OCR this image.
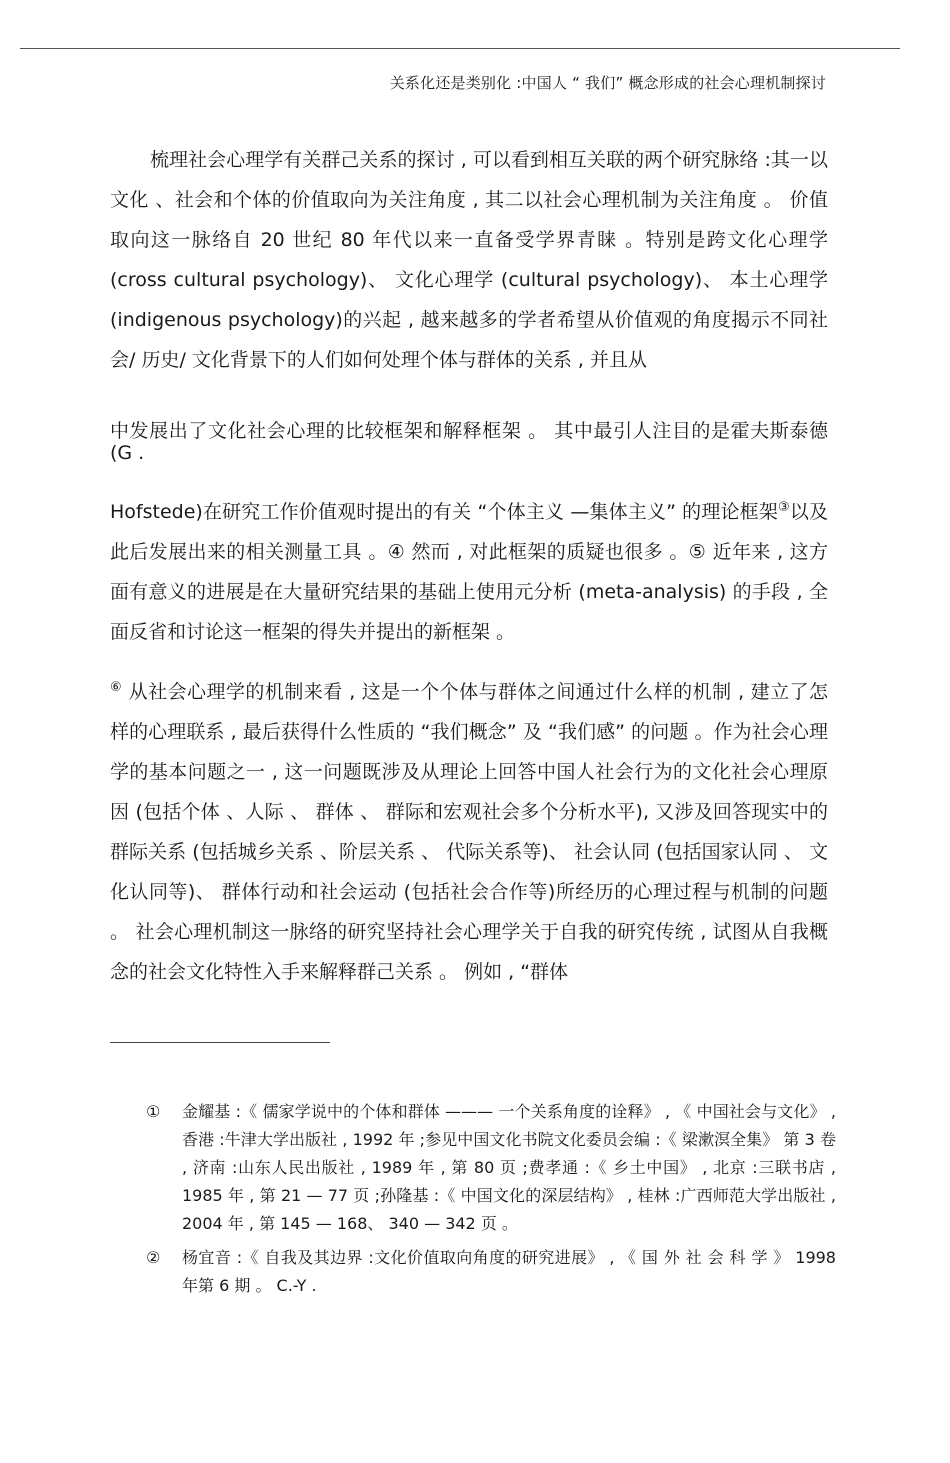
关系化还是类别化 :中国人 “ 我们” 概念形成的社会心理机制探讨

梳理社会心理学有关群己关系的探讨 , 可以看到相互关联的两个研究脉络 :其一以文化 、社会和个体的价值取向为关注角度 , 其二以社会心理机制为关注角度 。 价值取向这一脉络自 20 世纪 80 年代以来一直备受学界青睐 。特别是跨文化心理学 (cross cultural psychology)、 文化心理学 (cultural psychology)、 本土心理学 (indigenous psychology)的兴起 , 越来越多的学者希望从价值观的角度揭示不同社会/ 历史/ 文化背景下的人们如何处理个体与群体的关系 , 并且从

中发展出了文化社会心理的比较框架和解释框架 。 其中最引人注目的是霍夫斯泰德 (G .

Hofstede)在研究工作价值观时提出的有关 “个体主义 —集体主义” 的理论框架③以及此后发展出来的相关测量工具 。④ 然而 , 对此框架的质疑也很多 。⑤ 近年来 , 这方面有意义的进展是在大量研究结果的基础上使用元分析 (meta-analysis) 的手段 , 全面反省和讨论这一框架的得失并提出的新框架 。

⑥ 从社会心理学的机制来看 , 这是一个个体与群体之间通过什么样的机制 , 建立了怎样的心理联系 , 最后获得什么性质的 “我们概念” 及 “我们感” 的问题 。作为社会心理学的基本问题之一 , 这一问题既涉及从理论上回答中国人社会行为的文化社会心理原因 (包括个体 、人际 、 群体 、 群际和宏观社会多个分析水平), 又涉及回答现实中的群际关系 (包括城乡关系 、阶层关系 、 代际关系等)、 社会认同 (包括国家认同 、 文化认同等)、 群体行动和社会运动 (包括社会合作等)所经历的心理过程与机制的问题 。 社会心理机制这一脉络的研究坚持社会心理学关于自我的研究传统 , 试图从自我概念的社会文化特性入手来解释群己关系 。 例如 , “群体

①	金耀基 :《 儒家学说中的个体和群体 ——— 一个关系角度的诠释》 , 《 中国社会与文化》 , 香港 :牛津大学出版社 , 1992 年 ;参见中国文化书院文化委员会编 :《 梁漱溟全集》 第 3 卷 , 济南 :山东人民出版社 , 1989 年 , 第 80 页 ;费孝通 :《 乡土中国》 , 北京 :三联书店 , 1985 年 , 第 21 — 77 页 ;孙隆基 :《 中国文化的深层结构》 , 桂林 :广西师范大学出版社 , 2004 年 , 第 145 — 168、 340 — 342 页 。
②	杨宜音 :《 自我及其边界 :文化价值取向角度的研究进展》 , 《 国 外 社 会 科 学 》 1998 年第 6 期 。 C.-Y .
